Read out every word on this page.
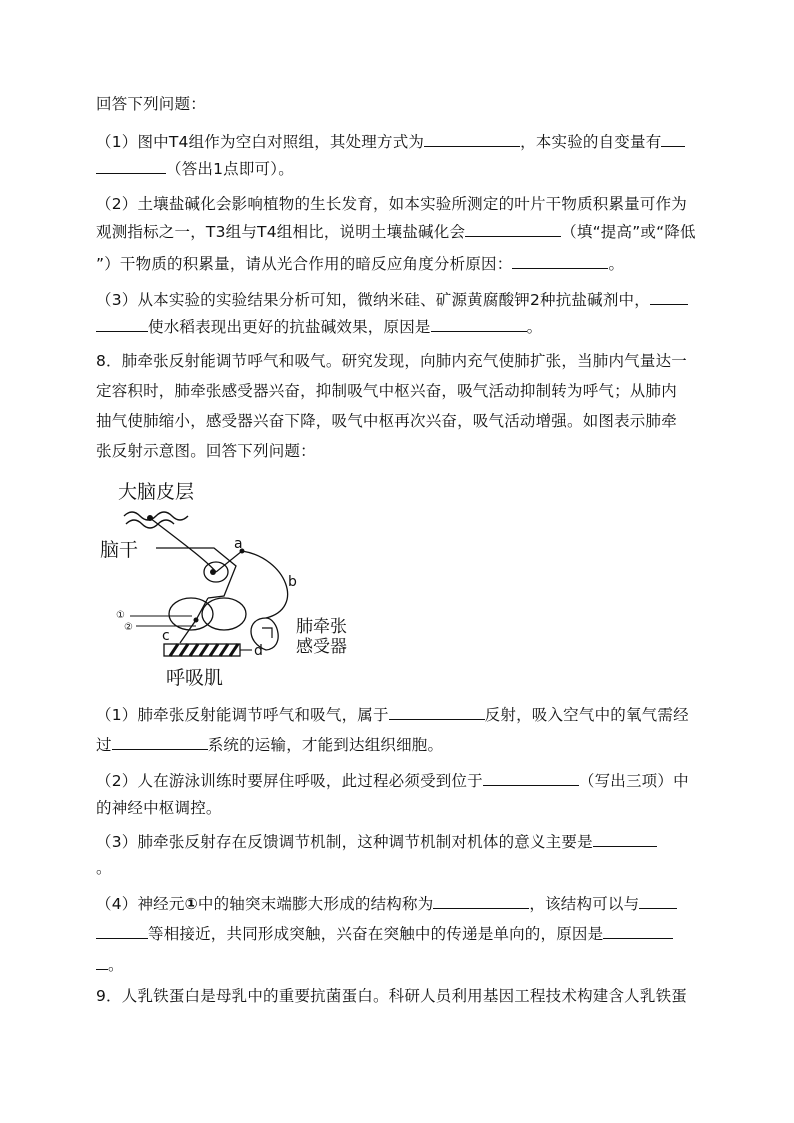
回答下列问题：
（1）图中T4组作为空白对照组，其处理方式为	，本实验的自变量有
（答出1点即可）。
（2）土壤盐碱化会影响植物的生长发育，如本实验所测定的叶片干物质积累量可作为
观测指标之一，T3组与T4组相比，说明土壤盐碱化会	（填“提高”或“降低
”）干物质的积累量，请从光合作用的暗反应角度分析原因：	。
（3）从本实验的实验结果分析可知，微纳米硅、矿源黄腐酸钾2种抗盐碱剂中，
使水稻表现出更好的抗盐碱效果，原因是	。
8．肺牵张反射能调节呼气和吸气。研究发现，向肺内充气使肺扩张，当肺内气量达一
定容积时，肺牵张感受器兴奋，抑制吸气中枢兴奋，吸气活动抑制转为呼气；从肺内
抽气使肺缩小，感受器兴奋下降，吸气中枢再次兴奋，吸气活动增强。如图表示肺牵
张反射示意图。回答下列问题：
大脑皮层
脑干	a
b
①
②
c
d
肺牵张
感受器
呼吸肌
（1）肺牵张反射能调节呼气和吸气，属于	反射，吸入空气中的氧气需经
过	系统的运输，才能到达组织细胞。
（2）人在游泳训练时要屏住呼吸，此过程必须受到位于	（写出三项）中
的神经中枢调控。
（3）肺牵张反射存在反馈调节机制，这种调节机制对机体的意义主要是
。
（4）神经元①中的轴突末端膨大形成的结构称为	，该结构可以与
等相接近，共同形成突触，兴奋在突触中的传递是单向的，原因是
。
9．人乳铁蛋白是母乳中的重要抗菌蛋白。科研人员利用基因工程技术构建含人乳铁蛋
